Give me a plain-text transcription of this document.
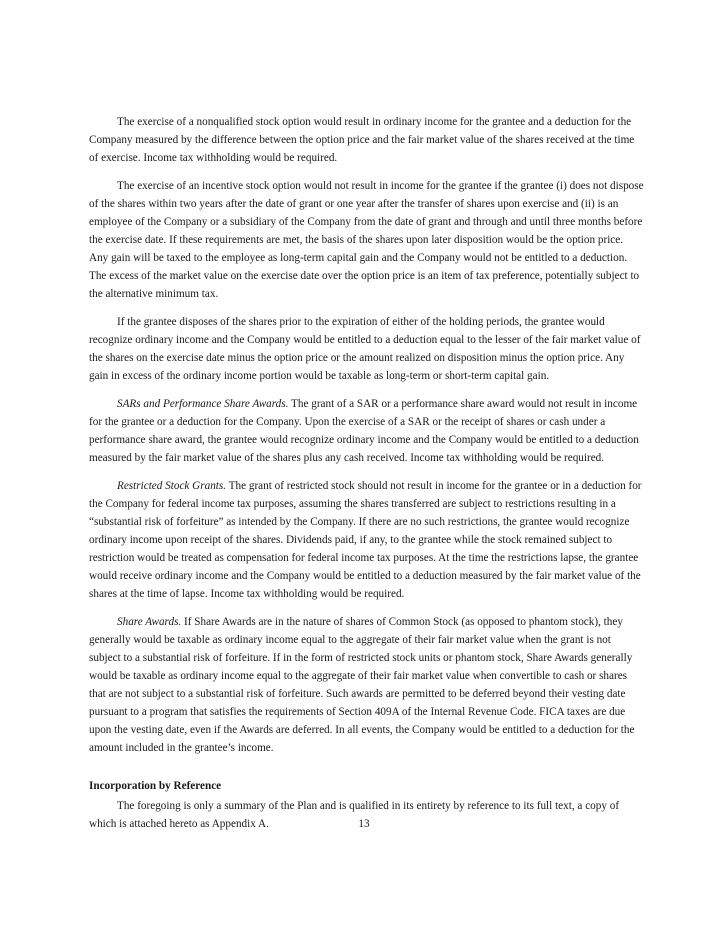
The exercise of a nonqualified stock option would result in ordinary income for the grantee and a deduction for the Company measured by the difference between the option price and the fair market value of the shares received at the time of exercise. Income tax withholding would be required.

The exercise of an incentive stock option would not result in income for the grantee if the grantee (i) does not dispose of the shares within two years after the date of grant or one year after the transfer of shares upon exercise and (ii) is an employee of the Company or a subsidiary of the Company from the date of grant and through and until three months before the exercise date. If these requirements are met, the basis of the shares upon later disposition would be the option price. Any gain will be taxed to the employee as long-term capital gain and the Company would not be entitled to a deduction. The excess of the market value on the exercise date over the option price is an item of tax preference, potentially subject to the alternative minimum tax.

If the grantee disposes of the shares prior to the expiration of either of the holding periods, the grantee would recognize ordinary income and the Company would be entitled to a deduction equal to the lesser of the fair market value of the shares on the exercise date minus the option price or the amount realized on disposition minus the option price. Any gain in excess of the ordinary income portion would be taxable as long-term or short-term capital gain.

SARs and Performance Share Awards. The grant of a SAR or a performance share award would not result in income for the grantee or a deduction for the Company. Upon the exercise of a SAR or the receipt of shares or cash under a performance share award, the grantee would recognize ordinary income and the Company would be entitled to a deduction measured by the fair market value of the shares plus any cash received. Income tax withholding would be required.

Restricted Stock Grants. The grant of restricted stock should not result in income for the grantee or in a deduction for the Company for federal income tax purposes, assuming the shares transferred are subject to restrictions resulting in a “substantial risk of forfeiture” as intended by the Company. If there are no such restrictions, the grantee would recognize ordinary income upon receipt of the shares. Dividends paid, if any, to the grantee while the stock remained subject to restriction would be treated as compensation for federal income tax purposes. At the time the restrictions lapse, the grantee would receive ordinary income and the Company would be entitled to a deduction measured by the fair market value of the shares at the time of lapse. Income tax withholding would be required.

Share Awards. If Share Awards are in the nature of shares of Common Stock (as opposed to phantom stock), they generally would be taxable as ordinary income equal to the aggregate of their fair market value when the grant is not subject to a substantial risk of forfeiture. If in the form of restricted stock units or phantom stock, Share Awards generally would be taxable as ordinary income equal to the aggregate of their fair market value when convertible to cash or shares that are not subject to a substantial risk of forfeiture. Such awards are permitted to be deferred beyond their vesting date pursuant to a program that satisfies the requirements of Section 409A of the Internal Revenue Code. FICA taxes are due upon the vesting date, even if the Awards are deferred. In all events, the Company would be entitled to a deduction for the amount included in the grantee’s income.

Incorporation by Reference

The foregoing is only a summary of the Plan and is qualified in its entirety by reference to its full text, a copy of which is attached hereto as Appendix A.	13
